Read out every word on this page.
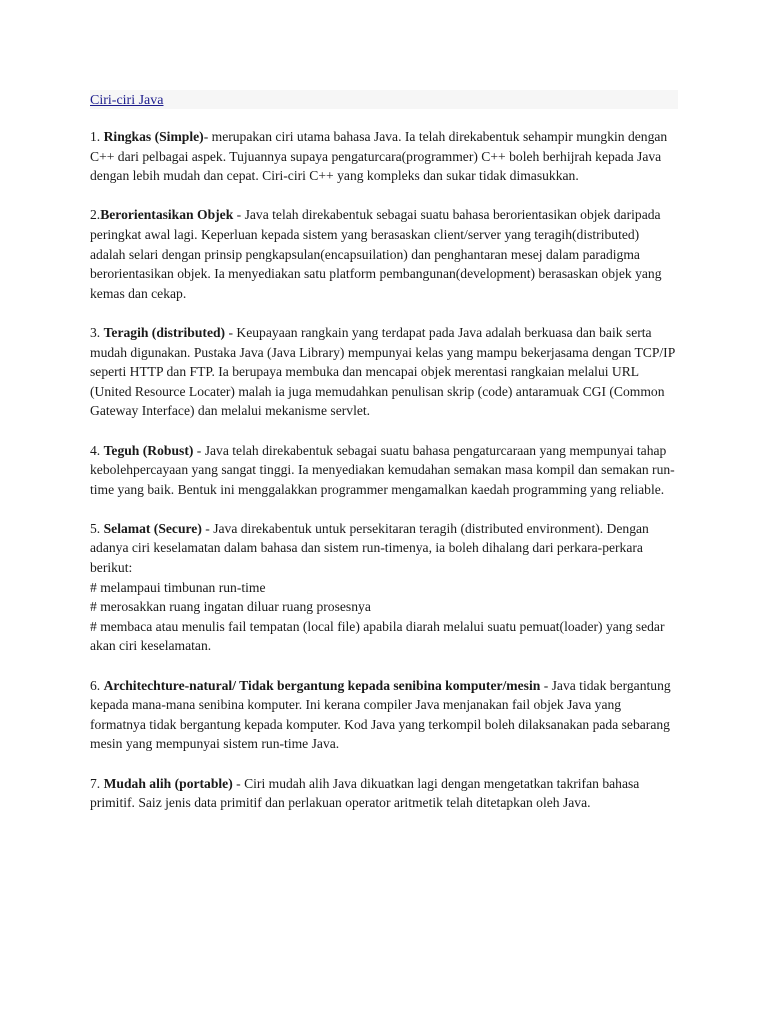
Ciri-ciri Java

1. Ringkas (Simple)- merupakan ciri utama bahasa Java. Ia telah direkabentuk sehampir mungkin dengan C++ dari pelbagai aspek. Tujuannya supaya pengaturcara(programmer) C++ boleh berhijrah kepada Java dengan lebih mudah dan cepat. Ciri-ciri C++ yang kompleks dan sukar tidak dimasukkan.

2.Berorientasikan Objek - Java telah direkabentuk sebagai suatu bahasa berorientasikan objek daripada peringkat awal lagi. Keperluan kepada sistem yang berasaskan client/server yang teragih(distributed) adalah selari dengan prinsip pengkapsulan(encapsuilation) dan penghantaran mesej dalam paradigma berorientasikan objek. Ia menyediakan satu platform pembangunan(development) berasaskan objek yang kemas dan cekap.

3. Teragih (distributed) - Keupayaan rangkain yang terdapat pada Java adalah berkuasa dan baik serta mudah digunakan. Pustaka Java (Java Library) mempunyai kelas yang mampu bekerjasama dengan TCP/IP seperti HTTP dan FTP. Ia berupaya membuka dan mencapai objek merentasi rangkaian melalui URL (United Resource Locater) malah ia juga memudahkan penulisan skrip (code) antaramuak CGI (Common Gateway Interface) dan melalui mekanisme servlet.

4. Teguh (Robust) - Java telah direkabentuk sebagai suatu bahasa pengaturcaraan yang mempunyai tahap kebolehpercayaan yang sangat tinggi. Ia menyediakan kemudahan semakan masa kompil dan semakan run-time yang baik. Bentuk ini menggalakkan programmer mengamalkan kaedah programming yang reliable.

5. Selamat (Secure) - Java direkabentuk untuk persekitaran teragih (distributed environment). Dengan adanya ciri keselamatan dalam bahasa dan sistem run-timenya, ia boleh dihalang dari perkara-perkara berikut:
# melampaui timbunan run-time
# merosakkan ruang ingatan diluar ruang prosesnya
# membaca atau menulis fail tempatan (local file) apabila diarah melalui suatu pemuat(loader) yang sedar akan ciri keselamatan.

6. Architechture-natural/ Tidak bergantung kepada senibina komputer/mesin - Java tidak bergantung kepada mana-mana senibina komputer. Ini kerana compiler Java menjanakan fail objek Java yang formatnya tidak bergantung kepada komputer. Kod Java yang terkompil boleh dilaksanakan pada sebarang mesin yang mempunyai sistem run-time Java.

7. Mudah alih (portable) - Ciri mudah alih Java dikuatkan lagi dengan mengetatkan takrifan bahasa primitif. Saiz jenis data primitif dan perlakuan operator aritmetik telah ditetapkan oleh Java.
